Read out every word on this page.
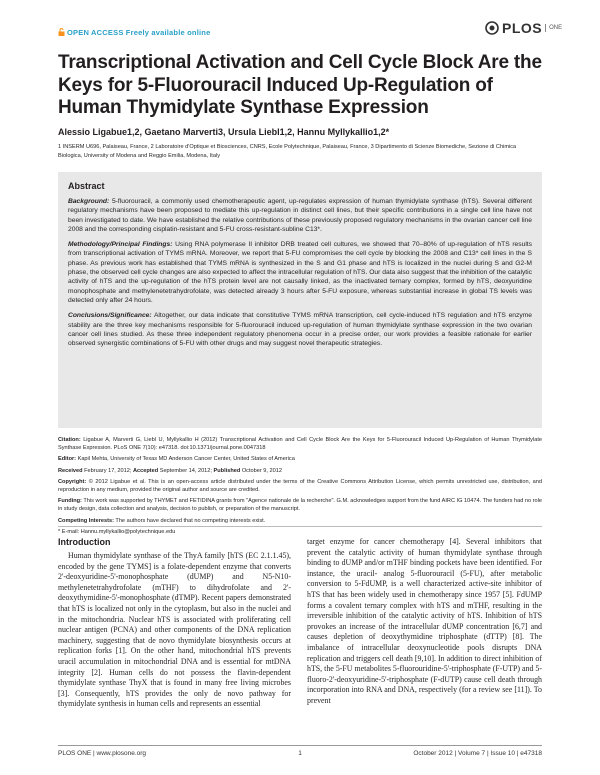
OPEN ACCESS Freely available online	PLOS	ONE
Transcriptional Activation and Cell Cycle Block Are the Keys for 5-Fluorouracil Induced Up-Regulation of Human Thymidylate Synthase Expression
Alessio Ligabue1,2, Gaetano Marverti3, Ursula Liebl1,2, Hannu Myllykallio1,2*
1 INSERM U696, Palaiseau, France, 2 Laboratoire d'Optique et Biosciences, CNRS, Ecole Polytechnique, Palaiseau, France, 3 Dipartimento di Scienze Biomediche, Sezione di Chimica Biologica, University of Modena and Reggio Emilia, Modena, Italy
Abstract

Background: 5-fluorouracil, a commonly used chemotherapeutic agent, up-regulates expression of human thymidylate synthase (hTS). Several different regulatory mechanisms have been proposed to mediate this up-regulation in distinct cell lines, but their specific contributions in a single cell line have not been investigated to date. We have established the relative contributions of these previously proposed regulatory mechanisms in the ovarian cancer cell line 2008 and the corresponding cisplatin-resistant and 5-FU cross-resistant-subline C13*.

Methodology/Principal Findings: Using RNA polymerase II inhibitor DRB treated cell cultures, we showed that 70–80% of up-regulation of hTS results from transcriptional activation of TYMS mRNA. Moreover, we report that 5-FU compromises the cell cycle by blocking the 2008 and C13* cell lines in the S phase. As previous work has established that TYMS mRNA is synthesized in the S and G1 phase and hTS is localized in the nuclei during S and G2-M phase, the observed cell cycle changes are also expected to affect the intracellular regulation of hTS. Our data also suggest that the inhibition of the catalytic activity of hTS and the up-regulation of the hTS protein level are not causally linked, as the inactivated ternary complex, formed by hTS, deoxyuridine monophosphate and methylenetetrahydrofolate, was detected already 3 hours after 5-FU exposure, whereas substantial increase in global TS levels was detected only after 24 hours.

Conclusions/Significance: Altogether, our data indicate that constitutive TYMS mRNA transcription, cell cycle-induced hTS regulation and hTS enzyme stability are the three key mechanisms responsible for 5-fluorouracil induced up-regulation of human thymidylate synthase expression in the two ovarian cancer cell lines studied. As these three independent regulatory phenomena occur in a precise order, our work provides a feasible rationale for earlier observed synergistic combinations of 5-FU with other drugs and may suggest novel therapeutic strategies.

Citation: Ligabue A, Marverti G, Liebl U, Myllykallio H (2012) Transcriptional Activation and Cell Cycle Block Are the Keys for 5-Fluorouracil Induced Up-Regulation of Human Thymidylate Synthase Expression. PLoS ONE 7(10): e47318. doi:10.1371/journal.pone.0047318

Editor: Kapil Mehta, University of Texas MD Anderson Cancer Center, United States of America

Received February 17, 2012; Accepted September 14, 2012; Published October 9, 2012

Copyright: © 2012 Ligabue et al. This is an open-access article distributed under the terms of the Creative Commons Attribution License, which permits unrestricted use, distribution, and reproduction in any medium, provided the original author and source are credited.

Funding: This work was supported by THYMET and FETIDINA grants from "Agence nationale de la recherche". G.M. acknowledges support from the fund AIRC IG 10474. The funders had no role in study design, data collection and analysis, decision to publish, or preparation of the manuscript.

Competing Interests: The authors have declared that no competing interests exist.

* E-mail: Hannu.myllykallio@polytechnique.edu

Introduction

Human thymidylate synthase of the ThyA family [hTS (EC 2.1.1.45), encoded by the gene TYMS] is a folate-dependent enzyme that converts 2'-deoxyuridine-5'-monophosphate (dUMP) and N5-N10-methylenetetrahydrofolate (mTHF) to dihydrofolate and 2'-deoxythymidine-5'-monophosphate (dTMP). Recent papers demonstrated that hTS is localized not only in the cytoplasm, but also in the nuclei and in the mitochondria. Nuclear hTS is associated with proliferating cell nuclear antigen (PCNA) and other components of the DNA replication machinery, suggesting that de novo thymidylate biosynthesis occurs at replication forks [1]. On the other hand, mitochondrial hTS prevents uracil accumulation in mitochondrial DNA and is essential for mtDNA integrity [2]. Human cells do not possess the flavin-dependent thymidylate synthase ThyX that is found in many free living microbes [3]. Consequently, hTS provides the only de novo pathway for thymidylate synthesis in human cells and represents an essential

target enzyme for cancer chemotherapy [4]. Several inhibitors that prevent the catalytic activity of human thymidylate synthase through binding to dUMP and/or mTHF binding pockets have been identified. For instance, the uracil- analog 5-fluorouracil (5-FU), after metabolic conversion to 5-FdUMP, is a well characterized active-site inhibitor of hTS that has been widely used in chemotherapy since 1957 [5]. FdUMP forms a covalent ternary complex with hTS and mTHF, resulting in the irreversible inhibition of the catalytic activity of hTS. Inhibition of hTS provokes an increase of the intracellular dUMP concentration [6,7] and causes depletion of deoxythymidine triphosphate (dTTP) [8]. The imbalance of intracellular deoxynucleotide pools disrupts DNA replication and triggers cell death [9,10]. In addition to direct inhibition of hTS, the 5-FU metabolites 5-fluorouridine-5'-triphosphate (F-UTP) and 5-fluoro-2'-deoxyuridine-5'-triphosphate (F-dUTP) cause cell death through incorporation into RNA and DNA, respectively (for a review see [11]). To prevent

PLOS ONE | www.plosone.org	1	October 2012 | Volume 7 | Issue 10 | e47318
